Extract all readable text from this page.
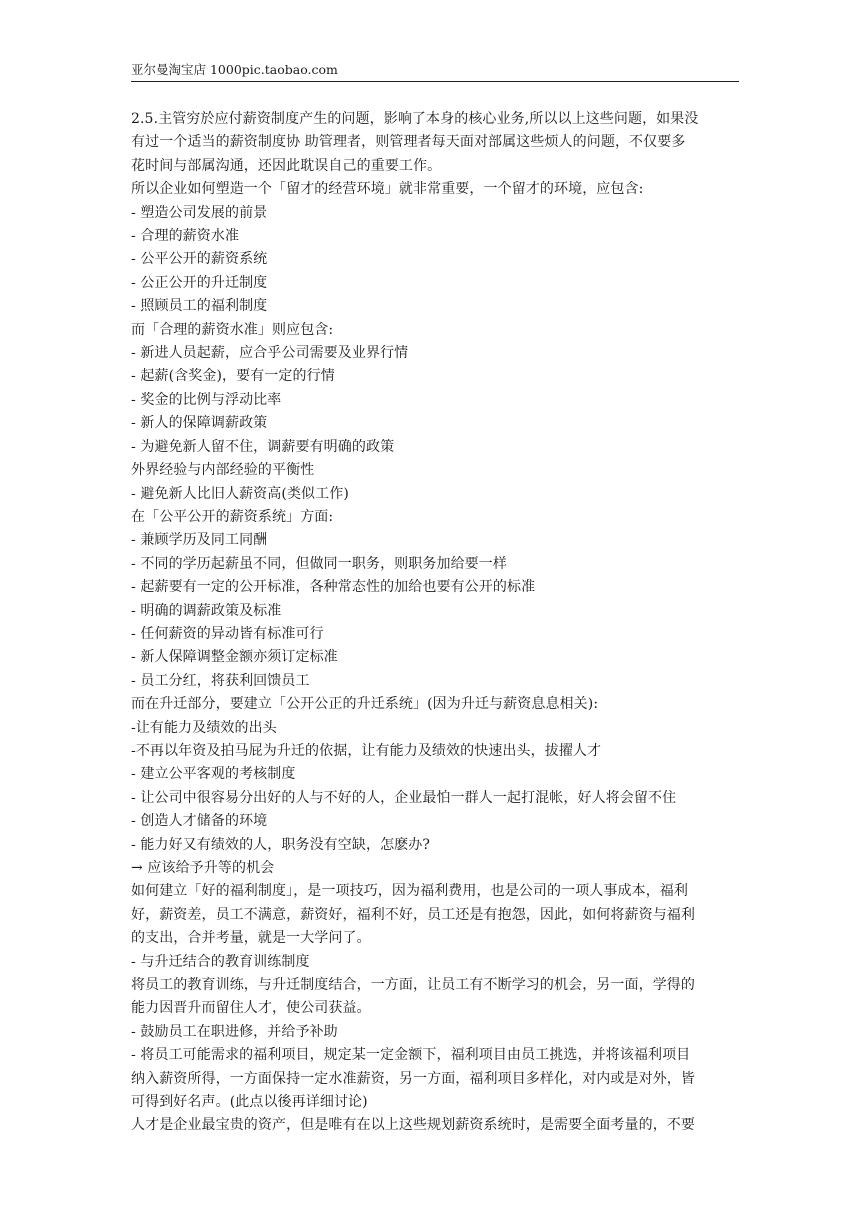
亚尔曼淘宝店 1000pic.taobao.com
2.5.主管穷於应付薪资制度产生的问题，影响了本身的核心业务,所以以上这些问题，如果没
有过一个适当的薪资制度协 助管理者，则管理者每天面对部属这些烦人的问题，不仅要多
花时间与部属沟通，还因此耽误自己的重要工作。
所以企业如何塑造一个「留才的经营环境」就非常重要，一个留才的环境，应包含:
- 塑造公司发展的前景
- 合理的薪资水准
- 公平公开的薪资系统
- 公正公开的升迁制度
- 照顾员工的福利制度
而「合理的薪资水准」则应包含:
- 新进人员起薪，应合乎公司需要及业界行情
- 起薪(含奖金)，要有一定的行情
- 奖金的比例与浮动比率
- 新人的保障调薪政策
- 为避免新人留不住，调薪要有明确的政策
外界经验与内部经验的平衡性
- 避免新人比旧人薪资高(类似工作)
在「公平公开的薪资系统」方面:
- 兼顾学历及同工同酬
- 不同的学历起薪虽不同，但做同一职务，则职务加给要一样
- 起薪要有一定的公开标准，各种常态性的加给也要有公开的标准
- 明确的调薪政策及标准
- 任何薪资的异动皆有标准可行
- 新人保障调整金额亦须订定标准
- 员工分红，将获利回馈员工
而在升迁部分，要建立「公开公正的升迁系统」(因为升迁与薪资息息相关):
-让有能力及绩效的出头
-不再以年资及拍马屁为升迁的依据，让有能力及绩效的快速出头，拔擢人才
- 建立公平客观的考核制度
- 让公司中很容易分出好的人与不好的人，企业最怕一群人一起打混帐，好人将会留不住
- 创造人才储备的环境
- 能力好又有绩效的人，职务没有空缺，怎麽办?
→ 应该给予升等的机会
如何建立「好的福利制度」，是一项技巧，因为福利费用，也是公司的一项人事成本，福利
好，薪资差，员工不满意，薪资好，福利不好，员工还是有抱怨，因此，如何将薪资与福利
的支出，合并考量，就是一大学问了。
- 与升迁结合的教育训练制度
将员工的教育训练，与升迁制度结合，一方面，让员工有不断学习的机会，另一面，学得的
能力因晋升而留住人才，使公司获益。
- 鼓励员工在职进修，并给予补助
- 将员工可能需求的福利项目，规定某一定金额下，福利项目由员工挑选，并将该福利项目
纳入薪资所得，一方面保持一定水准薪资，另一方面，福利项目多样化，对内或是对外，皆
可得到好名声。(此点以後再详细讨论)
人才是企业最宝贵的资产，但是唯有在以上这些规划薪资系统时，是需要全面考量的，不要
